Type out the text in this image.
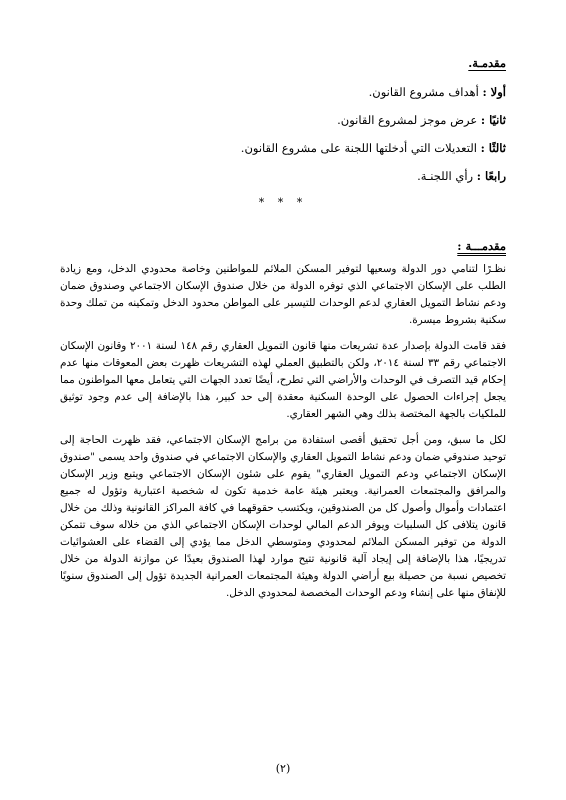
مقدمـة.
أولا : أهداف مشروع القانون.
ثانيًا : عرض موجز لمشروع القانون.
ثالثًا : التعديلات التي أدخلتها اللجنة على مشروع القانون.
رابعًا : رأي اللجنـة.
* * *
مقدمـــة :

نظـرًا لتنامي دور الدولة وسعيها لتوفير المسكن الملائم للمواطنين وخاصة محدودي الدخل، ومع زيادة الطلب على الإسكان الاجتماعي الذي توفره الدولة من خلال صندوق الإسكان الاجتماعي وصندوق ضمان ودعم نشاط التمويل العقاري لدعم الوحدات للتيسير على المواطن محدود الدخل وتمكينه من تملك وحدة سكنية بشروط ميسرة.

فقد قامت الدولة بإصدار عدة تشريعات منها قانون التمويل العقاري رقم ١٤٨ لسنة ٢٠٠١ وقانون الإسكان الاجتماعي رقم ٣٣ لسنة ٢٠١٤، ولكن بالتطبيق العملي لهذه التشريعات ظهرت بعض المعوقات منها عدم إحكام قيد التصرف في الوحدات والأراضي التي تطرح، أيضًا تعدد الجهات التي يتعامل معها المواطنون مما يجعل إجراءات الحصول على الوحدة السكنية معقدة إلى حد كبير، هذا بالإضافة إلى عدم وجود توثيق للملكيات بالجهة المختصة بذلك وهي الشهر العقاري.

لكل ما سبق، ومن أجل تحقيق أقصى استفادة من برامج الإسكان الاجتماعي، فقد ظهرت الحاجة إلى توحيد صندوقي ضمان ودعم نشاط التمويل العقاري والإسكان الاجتماعي في صندوق واحد يسمى "صندوق الإسكان الاجتماعي ودعم التمويل العقاري" يقوم على شئون الإسكان الاجتماعي ويتبع وزير الإسكان والمرافق والمجتمعات العمرانية. ويعتبر هيئة عامة خدمية تكون له شخصية اعتبارية وتؤول له جميع اعتمادات وأموال وأصول كل من الصندوقين، ويكتسب حقوقهما في كافة المراكز القانونية وذلك من خلال قانون يتلافى كل السلبيات ويوفر الدعم المالي لوحدات الإسكان الاجتماعي الذي من خلاله سوف تتمكن الدولة من توفير المسكن الملائم لمحدودي ومتوسطي الدخل مما يؤدي إلى القضاء على العشوائيات تدريجيًا، هذا بالإضافة إلى إيجاد آلية قانونية تتيح موارد لهذا الصندوق بعيدًا عن موازنة الدولة من خلال تخصيص نسبة من حصيلة بيع أراضي الدولة وهيئة المجتمعات العمرانية الجديدة تؤول إلى الصندوق سنويًا للإنفاق منها على إنشاء ودعم الوحدات المخصصة لمحدودي الدخل.

(٢)
